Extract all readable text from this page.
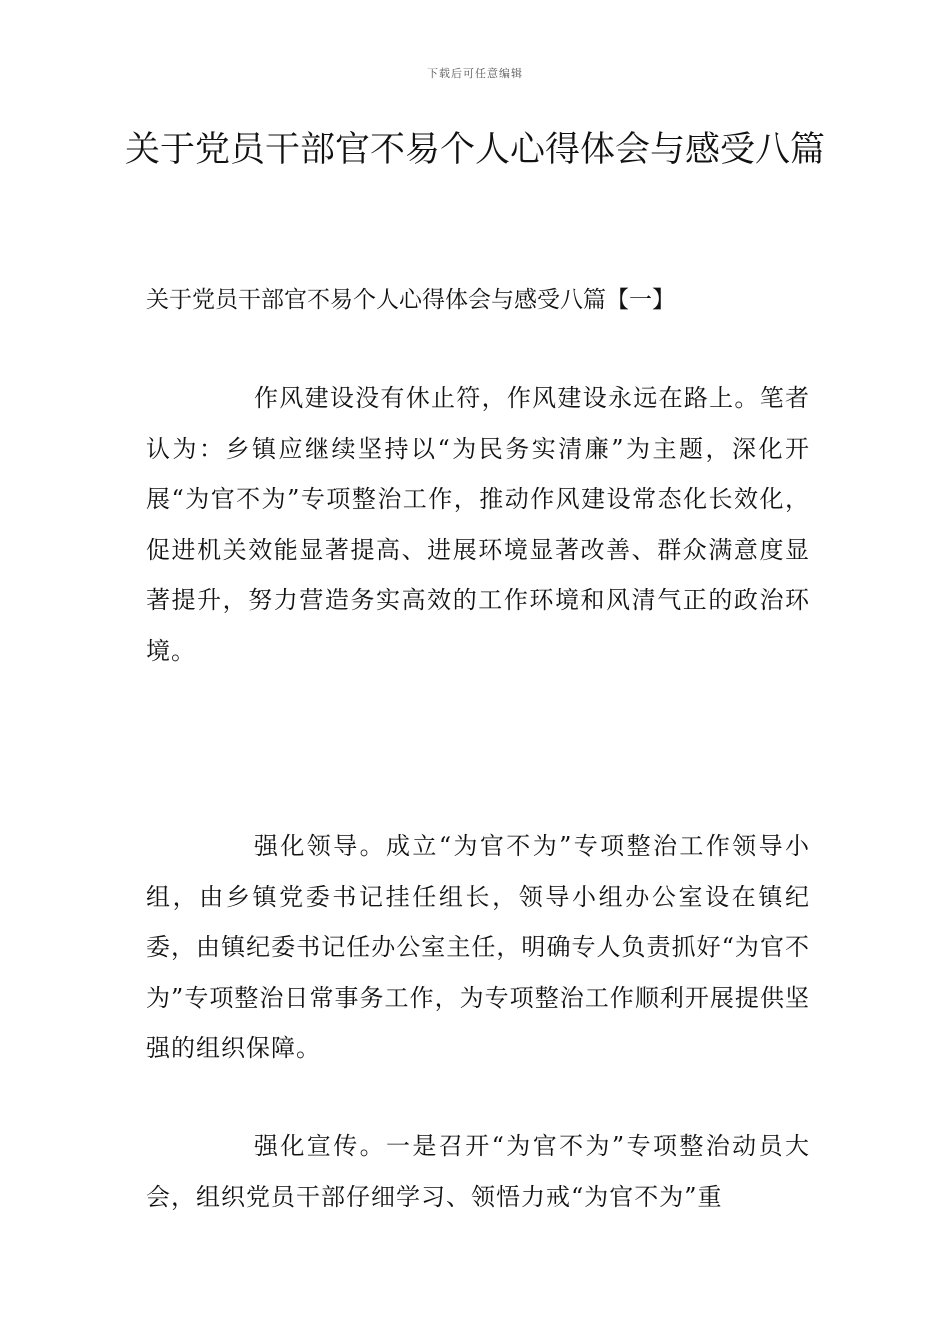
下载后可任意编辑
关于党员干部官不易个人心得体会与感受八篇
关于党员干部官不易个人心得体会与感受八篇【一】

作风建设没有休止符，作风建设永远在路上。笔者认为：乡镇应继续坚持以“为民务实清廉”为主题，深化开展“为官不为”专项整治工作，推动作风建设常态化长效化，促进机关效能显著提高、进展环境显著改善、群众满意度显著提升，努力营造务实高效的工作环境和风清气正的政治环境。

强化领导。成立“为官不为”专项整治工作领导小组，由乡镇党委书记挂任组长，领导小组办公室设在镇纪委，由镇纪委书记任办公室主任，明确专人负责抓好“为官不为”专项整治日常事务工作，为专项整治工作顺利开展提供坚强的组织保障。

强化宣传。一是召开“为官不为”专项整治动员大会，组织党员干部仔细学习、领悟力戒“为官不为”重
